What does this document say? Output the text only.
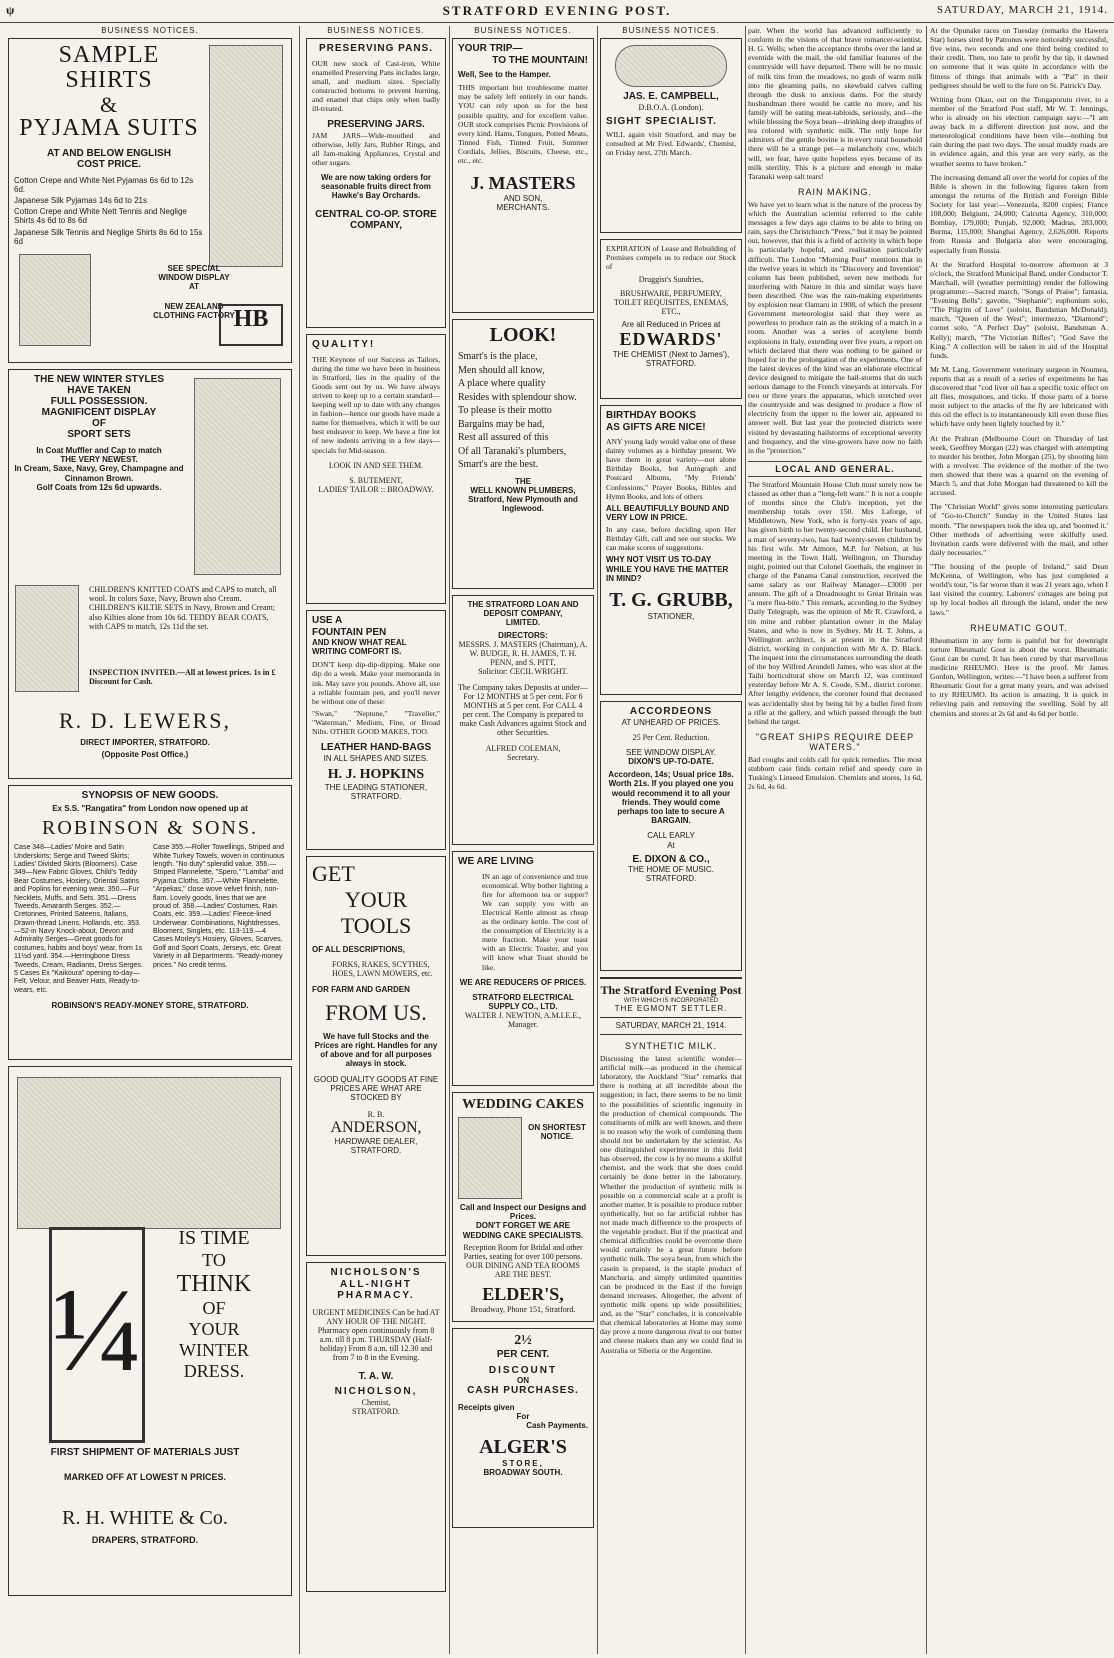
ψ	STRATFORD EVENING POST.	SATURDAY, MARCH 21, 1914.
BUSINESS NOTICES.
SAMPLE SHIRTS
&
PYJAMA SUITS
AT AND BELOW ENGLISH
COST PRICE.

Cotton Crepe and White Net Pyjamas 6s 6d to 12s 6d.

Japanese Silk Pyjamas 14s 6d to 21s

Cotton Crepe and White Nett Tennis and Neglige Shirts 4s 6d to 8s 6d

Japanese Silk Tennis and Neglige Shirts 8s 6d to 15s 6d

SEE SPECIAL
WINDOW DISPLAY
AT
NEW ZEALAND
CLOTHING FACTORY
HB
THE NEW WINTER STYLES
HAVE TAKEN
FULL POSSESSION.
MAGNIFICENT DISPLAY
OF
SPORT SETS
In Coat Muffler and Cap to match
THE VERY NEWEST.
In Cream, Saxe, Navy, Grey, Champagne and Cinnamon Brown.
Golf Coats from 12s 6d upwards.
CHILDREN'S KNITTED COATS and CAPS to match, all wool. In colors Saxe, Navy, Brown also Cream. CHILDREN'S KILTIE SETS in Navy, Brown and Cream; also Kilties alone from 10s 6d. TEDDY BEAR COATS, with CAPS to match, 12s 11d the set.
INSPECTION INVITED.—All at lowest prices. 1s in £ Discount for Cash.
R. D. LEWERS,
DIRECT IMPORTER, STRATFORD.
(Opposite Post Office.)
SYNOPSIS OF NEW GOODS.
Ex S.S. "Rangatira" from London now opened up at
ROBINSON & SONS.
Case 348—Ladies' Moire and Satin Underskirts; Serge and Tweed Skirts; Ladies' Divided Skirts (Bloomers). Case 349—New Fabric Gloves, Child's Teddy Bear Costumes, Hosiery, Oriental Satins and Poplins for evening wear. 350.—Fur Necklets, Muffs, and Sets. 351.—Dress Tweeds, Amaranth Serges. 352.—Cretonnes, Printed Sateens, Italians, Drawn-thread Linens, Hollands, etc. 353.—52-in Navy Knock-about, Devon and Admiralty Serges—Great goods for costumes, habits and boys' wear, from 1s 11½d yard. 354.—Herringbone Dress Tweeds, Cream, Radiants, Dress Serges. 5 Cases Ex "Kaikoura" opening to-day—Felt, Velour, and Beaver Hats, Ready-to-wears, etc.
Case 355.—Roller Towellings, Striped and White Turkey Towels, woven in continuous length. "No duty" splendid value. 356.—Striped Flannelette, "Spero," "Lamba" and Pyjama Cloths. 357.—White Flannelette, "Arpekas," close wove velvet finish, non-flam. Lovely goods, lines that we are proud of. 358.—Ladies' Costumes, Rain Coats, etc. 359.—Ladies' Fleece-lined Underwear. Combinations, Nightdresses, Bloomers, Singlets, etc. 113-119.—4 Cases Morley's Hosiery, Gloves, Scarves, Golf and Sport Coats, Jerseys, etc. Great Variety in all Departments. "Ready-money prices." No credit terms.
ROBINSON'S READY-MONEY STORE, STRATFORD.
¼
IS TIME
TO
THINK
OF
YOUR
WINTER
DRESS.
FIRST SHIPMENT OF MATERIALS JUST
MARKED OFF AT LOWEST N PRICES.
R. H. WHITE & Co.
DRAPERS, STRATFORD.
BUSINESS NOTICES.
PRESERVING PANS.
OUR new stock of Cast-iron, White enamelled Preserving Pans includes large, small, and medium sizes. Specially constructed bottoms to prevent burning, and enamel that chips only when badly ill-treated.
PRESERVING JARS.
JAM JARS—Wide-mouthed and otherwise, Jelly Jars, Rubber Rings, and all Jam-making Appliances, Crystal and other sugars.
We are now taking orders for seasonable fruits direct from Hawke's Bay Orchards.
CENTRAL CO-OP. STORE
COMPANY,
QUALITY!
THE Keynote of our Success as Tailors, during the time we have been in business in Stratford, lies in the quality of the Goods sent out by us. We have always striven to keep up to a certain standard—keeping well up to date with any changes in fashion—hence our goods have made a name for themselves, which it will be our best endeavor to keep. We have a fine lot of new indents arriving in a few days—specials for Mid-season.
LOOK IN AND SEE THEM.
S. BUTEMENT,
LADIES' TAILOR :: BROADWAY.
USE A
FOUNTAIN PEN
AND KNOW WHAT REAL WRITING COMFORT IS.
DON'T keep dip-dip-dipping. Make one dip do a week. Make your memoranda in ink. May save you pounds. Above all, use a reliable fountain pen, and you'll never be without one of these:
"Swan," "Neptune," "Traveller," "Waterman," Medium, Fine, or Broad Nibs. OTHER GOOD MAKES, TOO.
LEATHER HAND-BAGS
IN ALL SHAPES AND SIZES.
H. J. HOPKINS
THE LEADING STATIONER, STRATFORD.
GET
YOUR
TOOLS
OF ALL DESCRIPTIONS,
FORKS, RAKES, SCYTHES, HOES, LAWN MOWERS, etc.
FOR FARM AND GARDEN
FROM US.
We have full Stocks and the Prices are right. Handles for any of above and for all purposes always in stock.
GOOD QUALITY GOODS AT FINE PRICES ARE WHAT ARE STOCKED BY
R. B.
ANDERSON,
HARDWARE DEALER,
STRATFORD.
NICHOLSON'S
ALL-NIGHT
PHARMACY.
URGENT MEDICINES Can be had AT ANY HOUR OF THE NIGHT. Pharmacy open continuously from 8 a.m. till 8 p.m. THURSDAY (Half-holiday) From 8 a.m. till 12.30 and from 7 to 8 in the Evening.
T. A. W.
NICHOLSON,
Chemist,
STRATFORD.
BUSINESS NOTICES.
YOUR TRIP—
TO THE MOUNTAIN!
Well, See to the Hamper.
THIS important but troublesome matter may be safely left entirely in our hands. YOU can rely upon us for the best possible quality, and for excellent value. OUR stock comprises Picnic Provisions of every kind. Hams, Tongues, Potted Meats, Tinned Fish, Tinned Fruit, Summer Cordials, Jellies, Biscuits, Cheese, etc., etc., etc.
J. MASTERS
AND SON,
MERCHANTS.
LOOK!

Smart's is the place,

Men should all know,

A place where quality

Resides with splendour show.

To please is their motto

Bargains may be had,

Rest all assured of this

Of all Taranaki's plumbers,

Smart's are the best.

THE
WELL KNOWN PLUMBERS,
Stratford, New Plymouth and Inglewood.
THE STRATFORD LOAN AND DEPOSIT COMPANY,
LIMITED.
DIRECTORS:
MESSRS. J. MASTERS (Chairman), A. W. BUDGE, R. H. JAMES, T. H. PENN, and S. PITT,
Solicitor: CECIL WRIGHT.
The Company takes Deposits at under— For 12 MONTHS at 5 per cent. For 6 MONTHS at 5 per cent. For CALL 4 per cent. The Company is prepared to make Cash Advances against Stock and other Securities.
ALFRED COLEMAN,
Secretary.
WE ARE LIVING
IN an age of convenience and true economical. Why bother lighting a fire for afternoon tea or supper? We can supply you with an Electrical Kettle almost as cheap as the ordinary kettle. The cost of the consumption of Electricity is a mere fraction. Make your toast with an Electric Toaster, and you will know what Toast should be like.
WE ARE REDUCERS OF PRICES.
STRATFORD ELECTRICAL SUPPLY CO., LTD.
WALTER J. NEWTON, A.M.I.E.E., Manager.
WEDDING CAKES
ON SHORTEST NOTICE.
Call and Inspect our Designs and Prices.
DON'T FORGET WE ARE
WEDDING CAKE SPECIALISTS.
Reception Room for Bridal and other Parties, seating for over 100 persons. OUR DINING AND TEA ROOMS ARE THE BEST.
ELDER'S,
Broadway, Phone 151, Stratford.
2½
PER CENT.
DISCOUNT
ON
CASH PURCHASES.
Receipts given
For
Cash Payments.
ALGER'S
STORE,
BROADWAY SOUTH.
BUSINESS NOTICES.
JAS. E. CAMPBELL,
D.B.O.A. (London).
SIGHT SPECIALIST.
WILL again visit Stratford, and may be consulted at Mr Fred. Edwards', Chemist, on Friday next, 27th March.
EXPIRATION of Lease and Rebuilding of Premises compels us to reduce our Stock of
Druggist's Sundries,
BRUSHWARE, PERFUMERY, TOILET REQUISITES, ENEMAS, ETC.,
Are all Reduced in Prices at
EDWARDS'
THE CHEMIST (Next to James'),
STRATFORD.
BIRTHDAY BOOKS
AS GIFTS ARE NICE!
ANY young lady would value one of these dainty volumes as a birthday present. We have them in great variety—not alone Birthday Books, but Autograph and Postcard Albums, "My Friends' Confessions," Prayer Books, Bibles and Hymn Books, and lots of others
ALL BEAUTIFULLY BOUND AND VERY LOW IN PRICE.
In any case, before deciding upon Her Birthday Gift, call and see our stocks. We can make scores of suggestions.
WHY NOT VISIT US TO-DAY WHILE YOU HAVE THE MATTER IN MIND?
T. G. GRUBB,
STATIONER,
ACCORDEONS
AT UNHEARD OF PRICES.
25 Per Cent. Reduction.
SEE WINDOW DISPLAY.
DIXON'S UP-TO-DATE.
Accordeon, 14s; Usual price 18s. Worth 21s. If you played one you would recommend it to all your friends. They would come perhaps too late to secure A BARGAIN.
CALL EARLY
At
E. DIXON & CO.,
THE HOME OF MUSIC.
STRATFORD.
The Stratford Evening Post
WITH WHICH IS INCORPORATED
THE EGMONT SETTLER.
SATURDAY, MARCH 21, 1914.
SYNTHETIC MILK.
Discussing the latest scientific wonder—artificial milk—as produced in the chemical laboratory, the Auckland "Star" remarks that there is nothing at all incredible about the suggestion; in fact, there seems to be no limit to the possibilities of scientific ingenuity in the production of chemical compounds. The constituents of milk are well known, and there is no reason why the work of combining them should not be undertaken by the scientist. As one distinguished experimenter in this field has observed, the cow is by no means a skilful chemist, and the work that she does could certainly be done better in the laboratory. Whether the production of synthetic milk is possible on a commercial scale at a profit is another matter. It is possible to produce rubber synthetically, but so far artificial rubber has not made much difference to the prospects of the vegetable product. But if the practical and chemical difficulties could be overcome there would certainly be a great future before synthetic milk. The soya bean, from which the casein is prepared, is the staple product of Manchuria, and simply unlimited quantities can be produced in the East if the foreign demand increases. Altogether, the advent of synthetic milk opens up wide possibilities; and, as the "Star" concludes, it is conceivable that chemical laboratories at Home may some day prove a more dangerous rival to our butter and cheese makers than any we could find in Australia or Siberia or the Argentine.
pair. When the world has advanced sufficiently to conform to the visions of that brave romancer-scientist, H. G. Wells; when the acceptance throbs over the land at eventide with the mail, the old familiar features of the countryside will have departed. There will be no music of milk tins from the meadows, no gush of warm milk into the gleaming pails, no skewbald calves calling through the dusk to anxious dams. For the sturdy husbandman there would be cattle no more, and his family will be eating meat-tabloids, seriously, and—the while blessing the Soya bean—drinking deep draughts of tea colored with synthetic milk. The only hope for admirers of the gentle bovine is in every rural household there will be a strange pet—a melancholy cow, which will, we fear, have quite hopeless eyes because of its milk sterility. This is a picture and enough to make Taranaki weep salt tears!
RAIN MAKING.
We have yet to learn what is the nature of the process by which the Australian scientist referred to the cable messages a few days ago claims to be able to bring on rain, says the Christchurch "Press," but it may be pointed out, however, that this is a field of activity in which hope is particularly hopeful, and realisation particularly difficult. The London "Morning Post" mentions that in the twelve years in which its "Discovery and Invention" column has been published, seven new methods for interfering with Nature in this and similar ways have been described. One was the rain-making experiments by explosion near Oamaru in 1908, of which the present Government meteorologist said that they were as powerless to produce rain as the striking of a match in a room. Another was a series of acetylene bomb explosions in Italy, extending over five years, a report on which declared that there was nothing to be gained or hoped for in the prolongation of the experiments. One of the latest devices of the kind was an elaborate electrical device designed to mitigate the hail-storms that do such serious damage to the French vineyards at intervals. For two or three years the apparatus, which stretched over the countryside and was designed to produce a flow of electricity from the upper to the lower air, appeared to answer well. But last year the protected districts were visited by devastating hailstorms of exceptional severity and frequency, and the vine-growers have now no faith in the "protection."
LOCAL AND GENERAL.
The Stratford Mountain House Club must surely now be classed as other than a "long-felt want." It is not a couple of months since the Club's inception, yet the membership totals over 150. Mrs Laforge, of Middletown, New York, who is forty-six years of age, has given birth to her twenty-second child. Her husband, a man of seventy-two, has had twenty-seven children by his first wife. Mr Atmore, M.P. for Nelson, at his meeting in the Town Hall, Wellington, on Thursday night, pointed out that Colonel Goethals, the engineer in charge of the Panama Canal construction, received the same salary as our Railway Manager—£3000 per annum. The gift of a Dreadnought to Great Britain was "a mere flea-bite." This remark, according to the Sydney Daily Telegraph, was the opinion of Mr R. Crawford, a tin mine and rubber plantation owner in the Malay States, and who is now in Sydney. Mr H. T. Johns, a Wellington architect, is at present in the Stratford district, working in conjunction with Mr A. D. Black. The inquest into the circumstances surrounding the death of the boy Wilfred Arundell James, who was shot at the Taihi horticultural show on March 12, was continued yesterday before Mr A. S. Coode, S.M., district coroner. After lengthy evidence, the coroner found that deceased was accidentally shot by being hit by a bullet fired from a rifle at the gallery, and which passed through the butt behind the target.
"GREAT SHIPS REQUIRE DEEP WATERS."
Bad coughs and colds call for quick remedies. The most stubborn case finds certain relief and speedy cure in Tusking's Linseed Emulsion. Chemists and stores, 1s 6d, 2s 6d, 4s 6d.
At the Opunake races on Tuesday (remarks the Hawera Star) horses sired by Patronus were noticeably successful, five wins, two seconds and one third being credited to their credit. Then, too late to profit by the tip, it dawned on someone that it was quite in accordance with the fitness of things that animals with a "Pat" in their pedigrees should be well to the fore on St. Patrick's Day.
Writing from Okau, out on the Tongaporutu river, to a member of the Stratford Post staff, Mr W. T. Jennings, who is already on his election campaign says:—"I am away back in a different direction just now, and the meteorological conditions have been vile—nothing but rain during the past two days. The usual muddy roads are in evidence again, and this year are very early, as the weather seems to have broken."
The increasing demand all over the world for copies of the Bible is shown in the following figures taken from amongst the returns of the British and Foreign Bible Society for last year:—Venezuela, 8200 copies; France 108,000; Belgium, 24,000; Calcutta Agency, 310,000; Bombay, 179,000; Punjab, 92,000; Madras, 283,000; Burma, 115,000; Shanghai Agency, 2,626,000. Reports from Russia and Bulgaria also were encouraging, especially from Russia.
At the Stratford Hospital to-morrow afternoon at 3 o'clock, the Stratford Municipal Band, under Conductor T. Marchall, will (weather permitting) render the following programme:—Sacred march, "Songs of Praise"; fantasia, "Evening Bells"; gavotte, "Stephanie"; euphonium solo, "The Pilgrim of Love" (soloist, Bandsman McDonald); march, "Queen of the West"; intermezzo, "Diamond"; cornet solo, "A Perfect Day" (soloist, Bandsman A. Kelly); march, "The Victorian Rifles"; "God Save the King." A collection will be taken in aid of the Hospital funds.
Mr M. Lang, Government veterinary surgeon in Noumea, reports that as a result of a series of experiments he has discovered that "cod liver oil has a specific toxic effect on all flies, mosquitoes, and ticks. If those parts of a horse most subject to the attacks of the fly are lubricated with this oil the effect is to instantaneously kill even those flies which have only been lightly touched by it."
At the Prahran (Melbourne Court on Thursday of last week, Geoffrey Morgan (22) was charged with attempting to murder his brother, John Morgan (25), by shooting him with a revolver. The evidence of the mother of the two men showed that there was a quarrel on the evening of March 5, and that John Morgan had threatened to kill the accused.
The "Christian World" gives some interesting particulars of "Go-to-Church" Sunday in the United States last month. "The newspapers took the idea up, and 'boomed it.' Other methods of advertising were skilfully used. Invitation cards were delivered with the mail, and other daily necessaries."
"The housing of the people of Ireland," said Dean McKenna, of Wellington, who has just completed a world's tour, "is far worse than it was 21 years ago, when I last visited the country. Laborers' cottages are being put up by local bodies all through the island, under the new laws."
RHEUMATIC GOUT.
Rheumatism in any form is painful but for downright torture Rheumatic Gout is about the worst. Rheumatic Gout can be cured. It has been cured by that marvellous medicine RHEUMO. Here is the proof. Mr James Gordon, Wellington, writes:—"I have been a sufferer from Rheumatic Gout for a great many years, and was advised to try RHEUMO. Its action is amazing. It is quick in relieving pain and removing the swelling. Sold by all chemists and stores at 2s 6d and 4s 6d per bottle.
